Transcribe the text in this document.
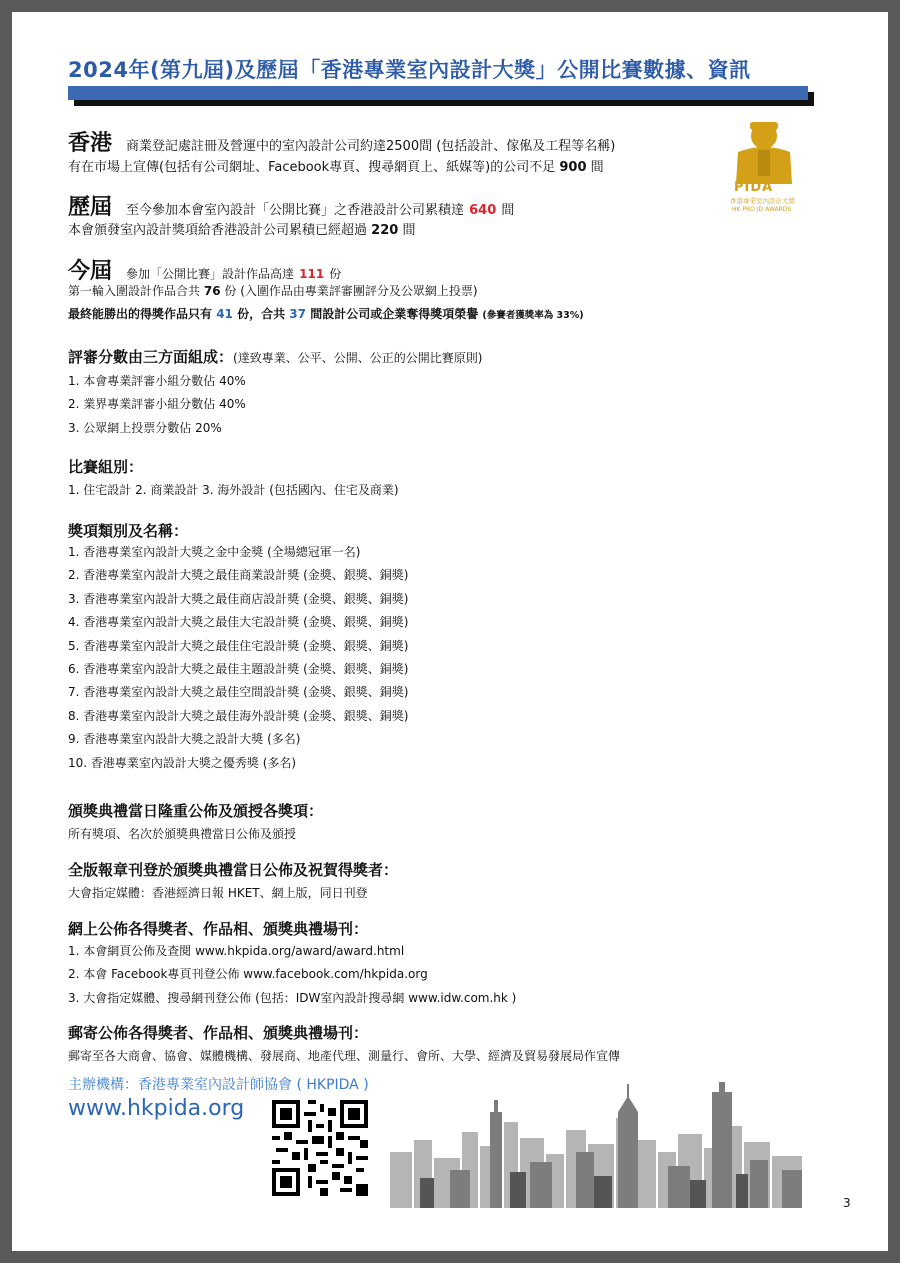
2024年(第九屆)及歷屆「香港專業室內設計大獎」公開比賽數據、資訊
香港 商業登記處註冊及營運中的室內設計公司約達2500間 (包括設計、傢俬及工程等名稱)
有在市場上宣傳(包括有公司網址、Facebook專頁、搜尋網頁上、紙媒等)的公司不足 900 間
歷屆 至今參加本會室內設計「公開比賽」之香港設計公司累積達 640 間
本會頒發室內設計獎項給香港設計公司累積已經超過 220 間
今屆 參加「公開比賽」設計作品高達 111 份
第一輪入圍設計作品合共 76 份 (入圍作品由專業評審團評分及公眾網上投票)
最終能勝出的得獎作品只有 41 份，合共 37 間設計公司或企業奪得獎項榮譽 (參賽者獲獎率為 33%)
PIDA
香港專業室內設計大獎
HK PRO ID AWARDS
評審分數由三方面組成：(達致專業、公平、公開、公正的公開比賽原則)
1. 本會專業評審小組分數佔 40%
2. 業界專業評審小組分數佔 40%
3. 公眾網上投票分數佔 20%
比賽組別：
1. 住宅設計 2. 商業設計 3. 海外設計 (包括國內、住宅及商業)
獎項類別及名稱：
1. 香港專業室內設計大獎之金中金獎 (全場總冠軍一名)
2. 香港專業室內設計大獎之最佳商業設計獎 (金獎、銀獎、銅獎)
3. 香港專業室內設計大獎之最佳商店設計獎 (金獎、銀獎、銅獎)
4. 香港專業室內設計大獎之最佳大宅設計獎 (金獎、銀獎、銅獎)
5. 香港專業室內設計大獎之最佳住宅設計獎 (金獎、銀獎、銅獎)
6. 香港專業室內設計大獎之最佳主題設計獎 (金獎、銀獎、銅獎)
7. 香港專業室內設計大獎之最佳空間設計獎 (金獎、銀獎、銅獎)
8. 香港專業室內設計大獎之最佳海外設計獎 (金獎、銀獎、銅獎)
9. 香港專業室內設計大獎之設計大獎 (多名)
10. 香港專業室內設計大獎之優秀獎 (多名)
頒獎典禮當日隆重公佈及頒授各獎項：
所有獎項、名次於頒獎典禮當日公佈及頒授
全版報章刊登於頒獎典禮當日公佈及祝賀得獎者：
大會指定媒體：香港經濟日報 HKET、網上版，同日刊登
網上公佈各得獎者、作品相、頒獎典禮場刊：
1. 本會網頁公佈及查閱 www.hkpida.org/award/award.html
2. 本會 Facebook專頁刊登公佈 www.facebook.com/hkpida.org
3. 大會指定媒體、搜尋網刊登公佈 (包括：IDW室內設計搜尋網 www.idw.com.hk )
郵寄公佈各得獎者、作品相、頒獎典禮場刊：
郵寄至各大商會、協會、媒體機構、發展商、地產代理、測量行、會所、大學、經濟及貿易發展局作宣傳
主辦機構：香港專業室內設計師協會 ( HKPIDA )
www.hkpida.org
3
